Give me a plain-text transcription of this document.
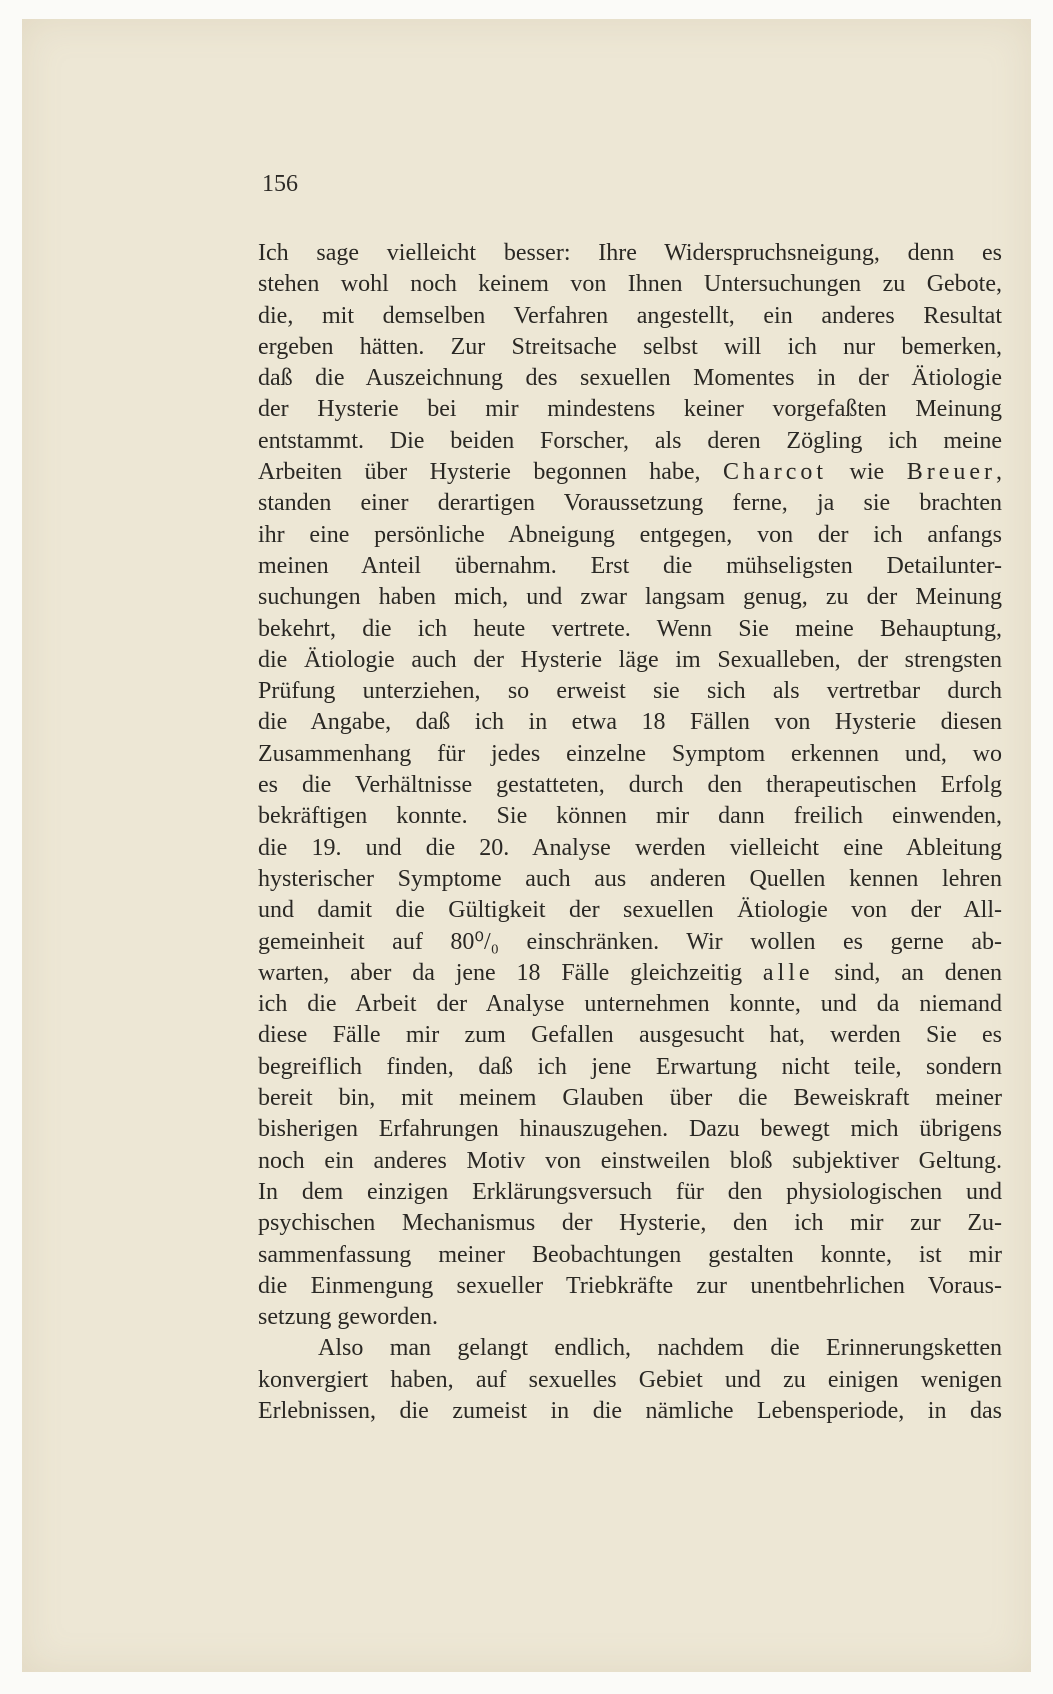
156
Ich sage vielleicht besser: Ihre Widerspruchsneigung, denn es
stehen wohl noch keinem von Ihnen Untersuchungen zu Gebote,
die, mit demselben Verfahren angestellt, ein anderes Resultat
ergeben hätten. Zur Streitsache selbst will ich nur bemerken,
daß die Auszeichnung des sexuellen Momentes in der Ätiologie
der Hysterie bei mir mindestens keiner vorgefaßten Meinung
entstammt. Die beiden Forscher, als deren Zögling ich meine
Arbeiten über Hysterie begonnen habe, Charcot wie Breuer,
standen einer derartigen Voraussetzung ferne, ja sie brachten
ihr eine persönliche Abneigung entgegen, von der ich anfangs
meinen Anteil übernahm. Erst die mühseligsten Detailunter-
suchungen haben mich, und zwar langsam genug, zu der Meinung
bekehrt, die ich heute vertrete. Wenn Sie meine Behauptung,
die Ätiologie auch der Hysterie läge im Sexualleben, der strengsten
Prüfung unterziehen, so erweist sie sich als vertretbar durch
die Angabe, daß ich in etwa 18 Fällen von Hysterie diesen
Zusammenhang für jedes einzelne Symptom erkennen und, wo
es die Verhältnisse gestatteten, durch den therapeutischen Erfolg
bekräftigen konnte. Sie können mir dann freilich einwenden,
die 19. und die 20. Analyse werden vielleicht eine Ableitung
hysterischer Symptome auch aus anderen Quellen kennen lehren
und damit die Gültigkeit der sexuellen Ätiologie von der All-
gemeinheit auf 80⁰/₀ einschränken. Wir wollen es gerne ab-
warten, aber da jene 18 Fälle gleichzeitig alle sind, an denen
ich die Arbeit der Analyse unternehmen konnte, und da niemand
diese Fälle mir zum Gefallen ausgesucht hat, werden Sie es
begreiflich finden, daß ich jene Erwartung nicht teile, sondern
bereit bin, mit meinem Glauben über die Beweiskraft meiner
bisherigen Erfahrungen hinauszugehen. Dazu bewegt mich übrigens
noch ein anderes Motiv von einstweilen bloß subjektiver Geltung.
In dem einzigen Erklärungsversuch für den physiologischen und
psychischen Mechanismus der Hysterie, den ich mir zur Zu-
sammenfassung meiner Beobachtungen gestalten konnte, ist mir
die Einmengung sexueller Triebkräfte zur unentbehrlichen Voraus-
setzung geworden.
Also man gelangt endlich, nachdem die Erinnerungsketten
konvergiert haben, auf sexuelles Gebiet und zu einigen wenigen
Erlebnissen, die zumeist in die nämliche Lebensperiode, in das
